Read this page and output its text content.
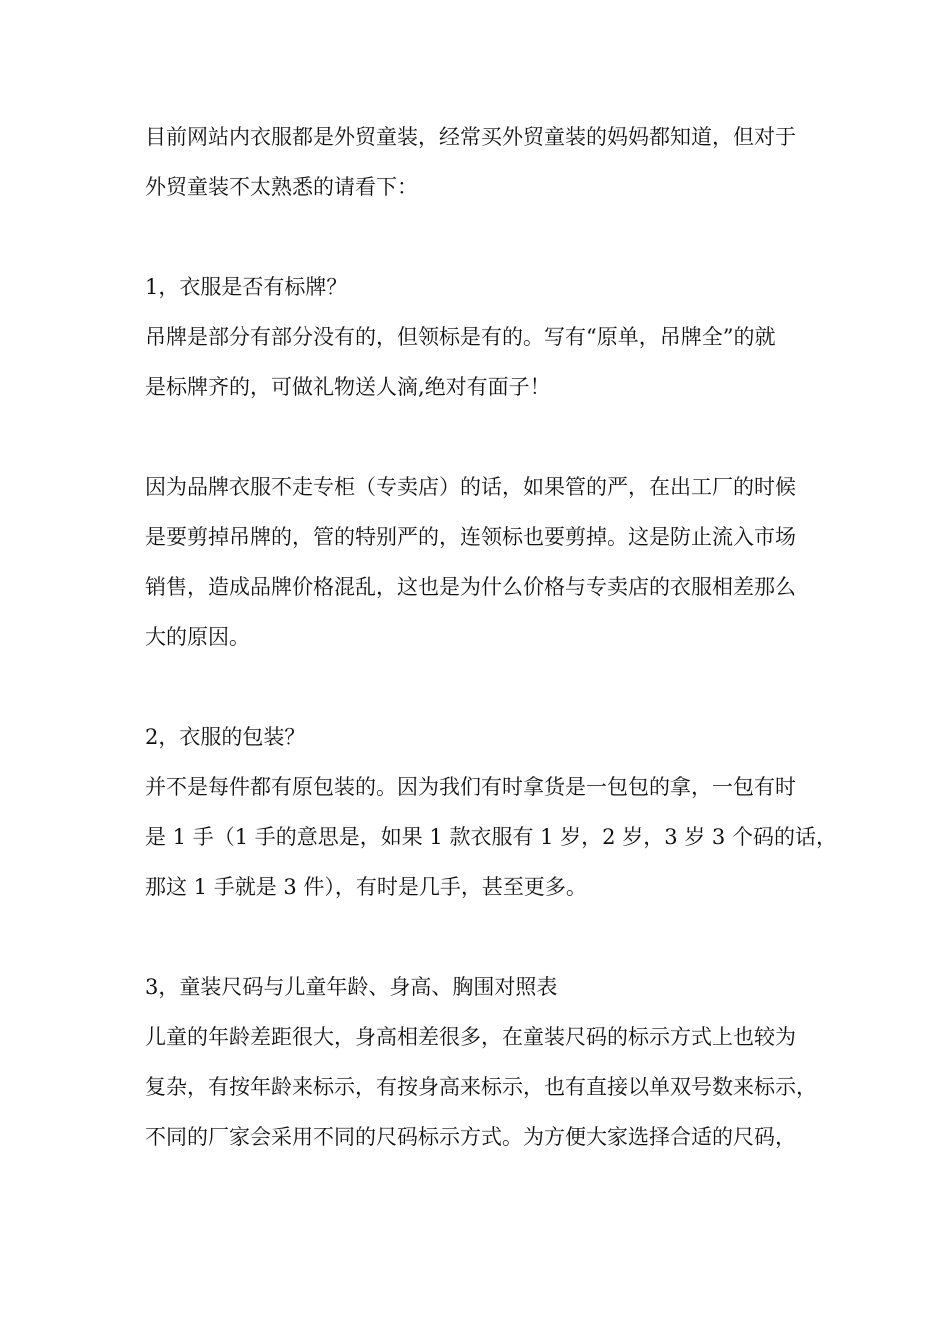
目前网站内衣服都是外贸童装，经常买外贸童装的妈妈都知道，但对于
外贸童装不太熟悉的请看下：
1，衣服是否有标牌？
吊牌是部分有部分没有的，但领标是有的。写有“原单，吊牌全”的就
是标牌齐的，可做礼物送人滴,绝对有面子！
因为品牌衣服不走专柜（专卖店）的话，如果管的严，在出工厂的时候
是要剪掉吊牌的，管的特别严的，连领标也要剪掉。这是防止流入市场
销售，造成品牌价格混乱，这也是为什么价格与专卖店的衣服相差那么
大的原因。
2，衣服的包装？
并不是每件都有原包装的。因为我们有时拿货是一包包的拿，一包有时
是 1 手（1 手的意思是，如果 1 款衣服有 1 岁，2 岁，3 岁 3 个码的话，
那这 1 手就是 3 件），有时是几手，甚至更多。
3，童装尺码与儿童年龄、身高、胸围对照表
儿童的年龄差距很大，身高相差很多，在童装尺码的标示方式上也较为
复杂，有按年龄来标示，有按身高来标示，也有直接以单双号数来标示，
不同的厂家会采用不同的尺码标示方式。为方便大家选择合适的尺码，
